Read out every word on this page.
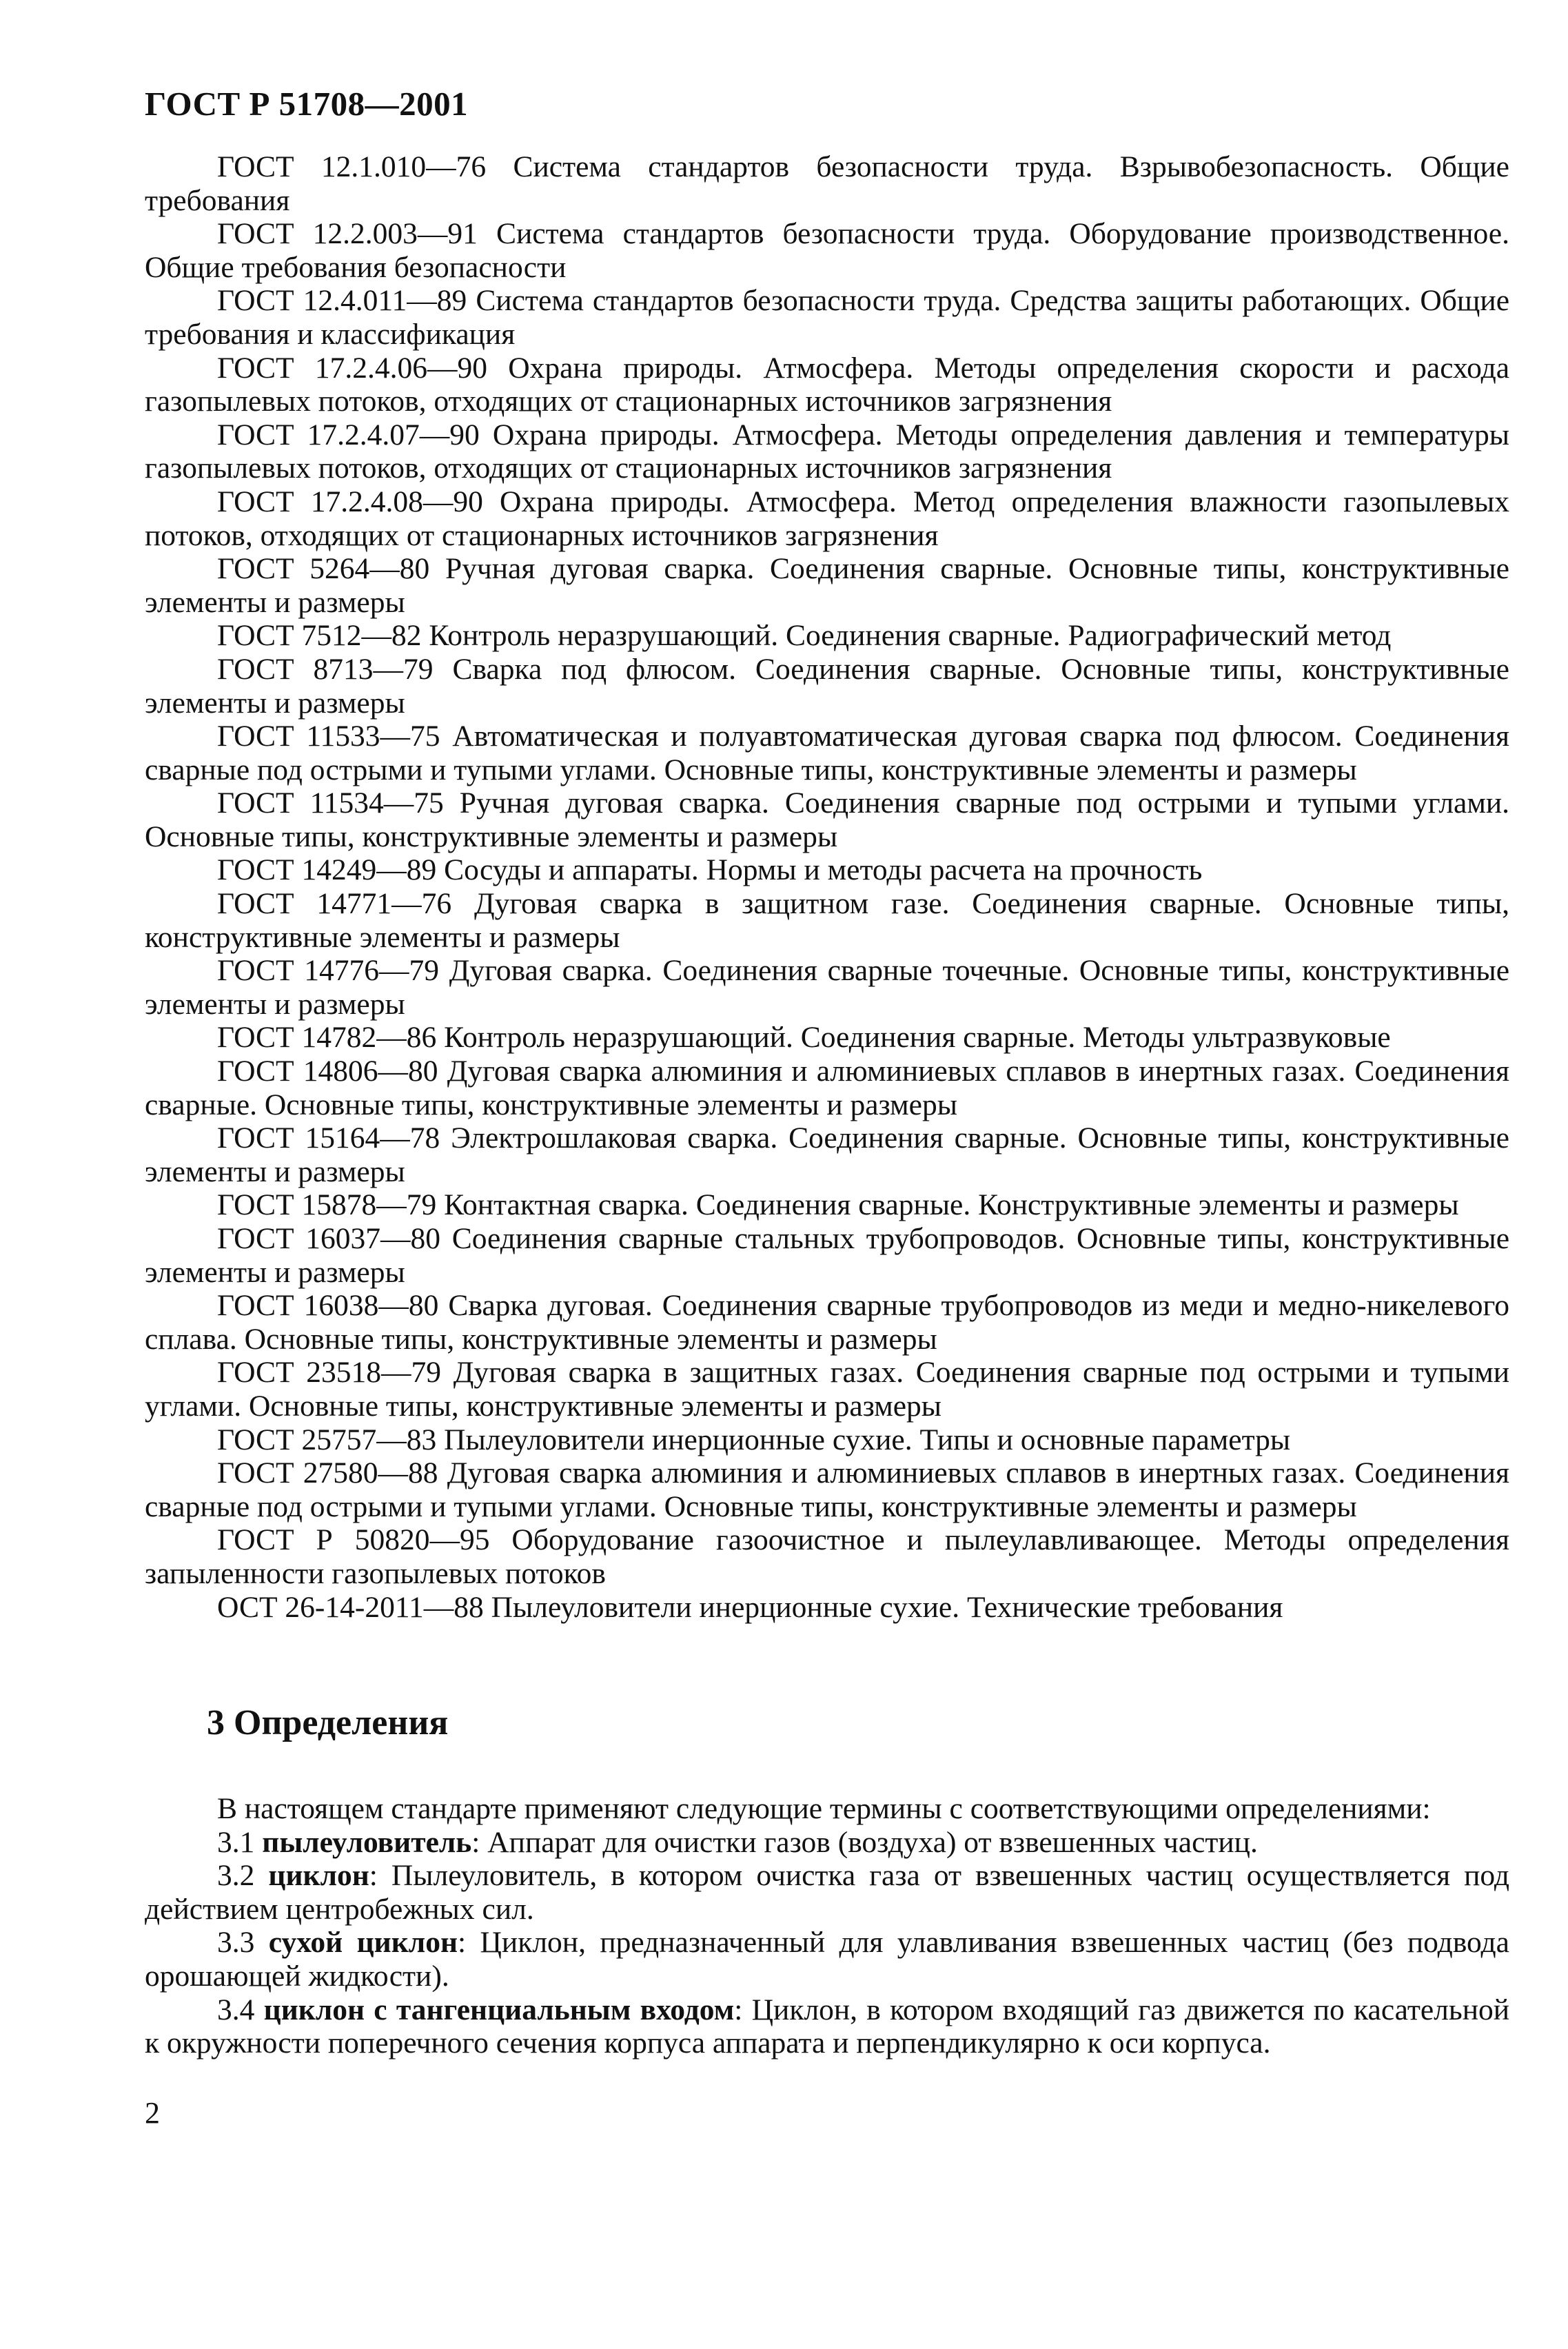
ГОСТ Р 51708—2001
ГОСТ 12.1.010—76 Система стандартов безопасности труда. Взрывобезопасность. Общие требования
ГОСТ 12.2.003—91 Система стандартов безопасности труда. Оборудование производственное. Общие требования безопасности
ГОСТ 12.4.011—89 Система стандартов безопасности труда. Средства защиты работающих. Общие требования и классификация
ГОСТ 17.2.4.06—90 Охрана природы. Атмосфера. Методы определения скорости и расхода газопылевых потоков, отходящих от стационарных источников загрязнения
ГОСТ 17.2.4.07—90 Охрана природы. Атмосфера. Методы определения давления и температуры газопылевых потоков, отходящих от стационарных источников загрязнения
ГОСТ 17.2.4.08—90 Охрана природы. Атмосфера. Метод определения влажности газопылевых потоков, отходящих от стационарных источников загрязнения
ГОСТ 5264—80 Ручная дуговая сварка. Соединения сварные. Основные типы, конструктивные элементы и размеры
ГОСТ 7512—82 Контроль неразрушающий. Соединения сварные. Радиографический метод
ГОСТ 8713—79 Сварка под флюсом. Соединения сварные. Основные типы, конструктивные элементы и размеры
ГОСТ 11533—75 Автоматическая и полуавтоматическая дуговая сварка под флюсом. Соединения сварные под острыми и тупыми углами. Основные типы, конструктивные элементы и размеры
ГОСТ 11534—75 Ручная дуговая сварка. Соединения сварные под острыми и тупыми углами. Основные типы, конструктивные элементы и размеры
ГОСТ 14249—89 Сосуды и аппараты. Нормы и методы расчета на прочность
ГОСТ 14771—76 Дуговая сварка в защитном газе. Соединения сварные. Основные типы, конструктивные элементы и размеры
ГОСТ 14776—79 Дуговая сварка. Соединения сварные точечные. Основные типы, конструктивные элементы и размеры
ГОСТ 14782—86 Контроль неразрушающий. Соединения сварные. Методы ультразвуковые
ГОСТ 14806—80 Дуговая сварка алюминия и алюминиевых сплавов в инертных газах. Соединения сварные. Основные типы, конструктивные элементы и размеры
ГОСТ 15164—78 Электрошлаковая сварка. Соединения сварные. Основные типы, конструктивные элементы и размеры
ГОСТ 15878—79 Контактная сварка. Соединения сварные. Конструктивные элементы и размеры
ГОСТ 16037—80 Соединения сварные стальных трубопроводов. Основные типы, конструктивные элементы и размеры
ГОСТ 16038—80 Сварка дуговая. Соединения сварные трубопроводов из меди и медно-никелевого сплава. Основные типы, конструктивные элементы и размеры
ГОСТ 23518—79 Дуговая сварка в защитных газах. Соединения сварные под острыми и тупыми углами. Основные типы, конструктивные элементы и размеры
ГОСТ 25757—83 Пылеуловители инерционные сухие. Типы и основные параметры
ГОСТ 27580—88 Дуговая сварка алюминия и алюминиевых сплавов в инертных газах. Соединения сварные под острыми и тупыми углами. Основные типы, конструктивные элементы и размеры
ГОСТ Р 50820—95 Оборудование газоочистное и пылеулавливающее. Методы определения запыленности газопылевых потоков
ОСТ 26-14-2011—88 Пылеуловители инерционные сухие. Технические требования
3 Определения
В настоящем стандарте применяют следующие термины с соответствующими определениями:
3.1 пылеуловитель: Аппарат для очистки газов (воздуха) от взвешенных частиц.
3.2 циклон: Пылеуловитель, в котором очистка газа от взвешенных частиц осуществляется под действием центробежных сил.
3.3 сухой циклон: Циклон, предназначенный для улавливания взвешенных частиц (без подвода орошающей жидкости).
3.4 циклон с тангенциальным входом: Циклон, в котором входящий газ движется по касательной к окружности поперечного сечения корпуса аппарата и перпендикулярно к оси корпуса.
2
